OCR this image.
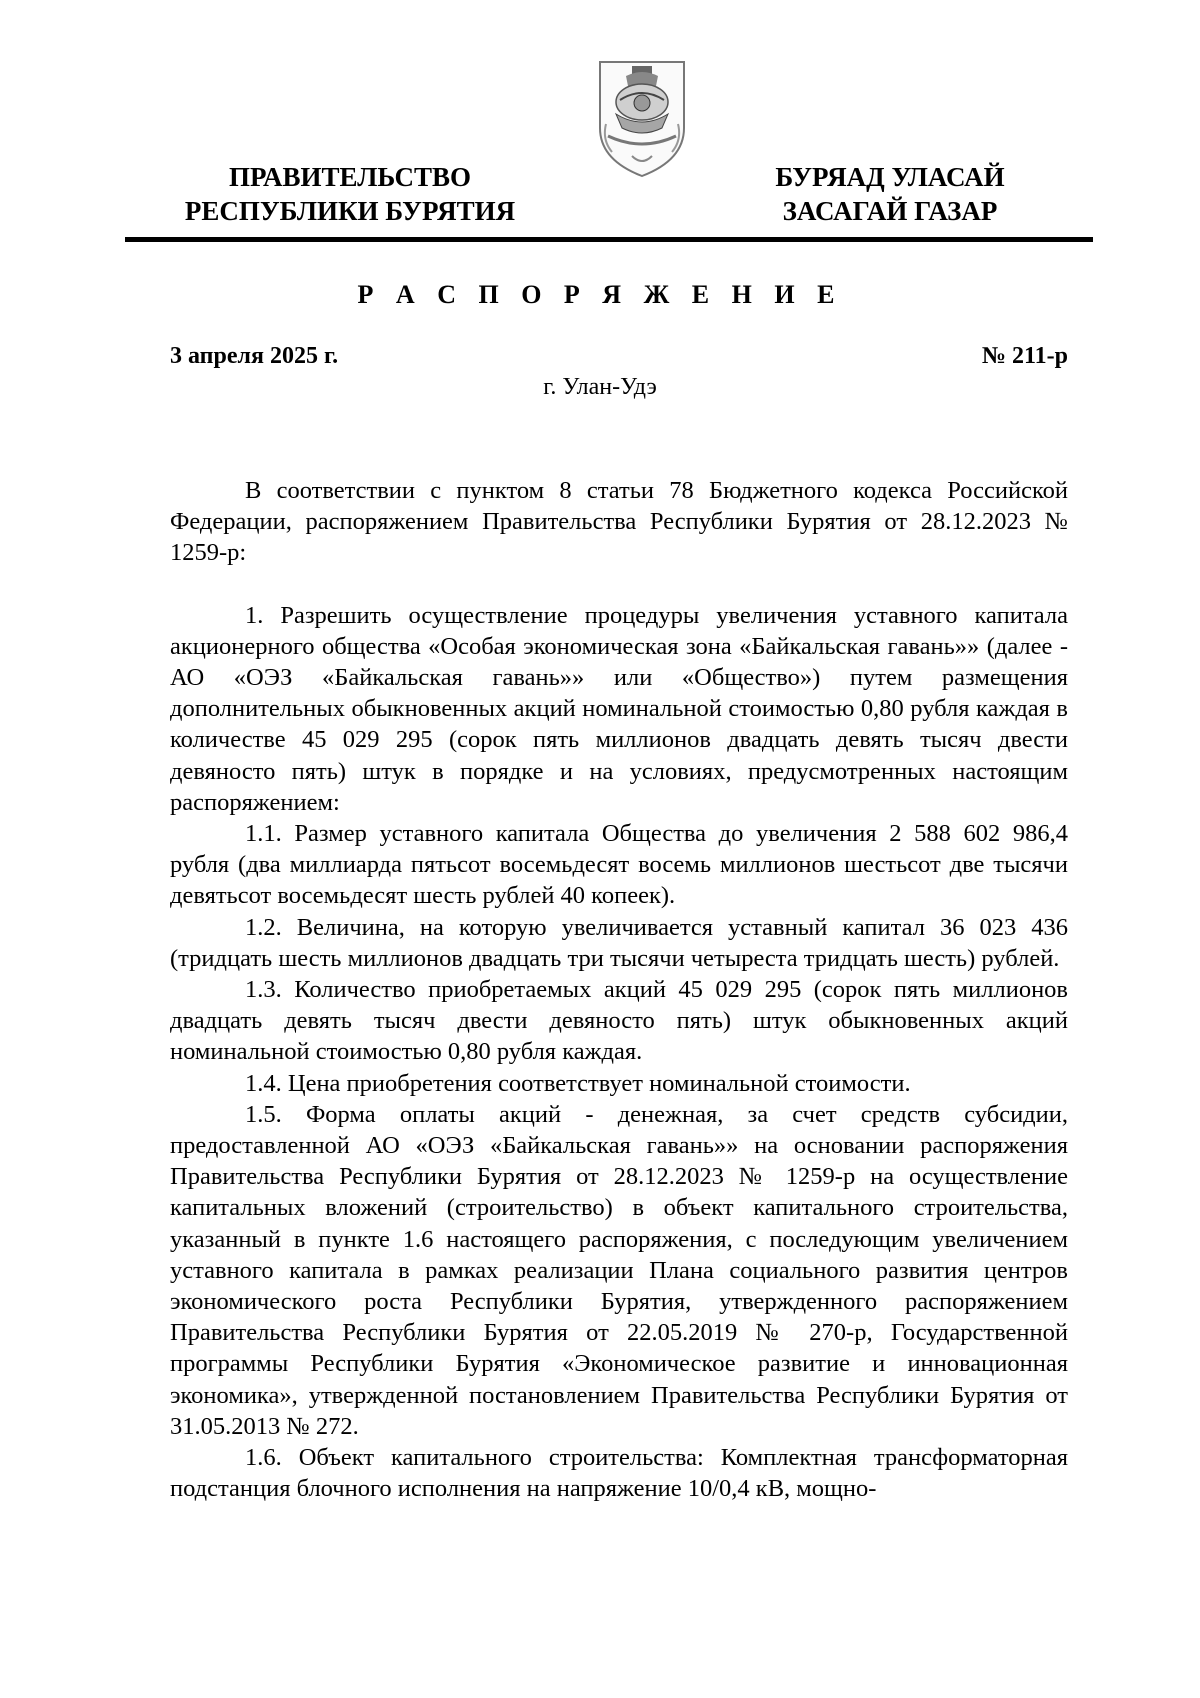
ПРАВИТЕЛЬСТВО
РЕСПУБЛИКИ БУРЯТИЯ
БУРЯАД УЛАСАЙ
ЗАСАГАЙ ГАЗАР
Р А С П О Р Я Ж Е Н И Е
3 апреля 2025 г.	№ 211-р
г. Улан-Удэ

В соответствии с пунктом 8 статьи 78 Бюджетного кодекса Российской Федерации, распоряжением Правительства Республики Бурятия от 28.12.2023 № 1259-р:

1. Разрешить осуществление процедуры увеличения уставного капитала акционерного общества «Особая экономическая зона «Байкальская гавань»» (далее - АО «ОЭЗ «Байкальская гавань»» или «Общество») путем размещения дополнительных обыкновенных акций номинальной стоимостью 0,80 рубля каждая в количестве 45 029 295 (сорок пять миллионов двадцать девять тысяч двести девяносто пять) штук в порядке и на условиях, предусмотренных настоящим распоряжением:

1.1. Размер уставного капитала Общества до увеличения 2 588 602 986,4 рубля (два миллиарда пятьсот восемьдесят восемь миллионов шестьсот две тысячи девятьсот восемьдесят шесть рублей 40 копеек).

1.2. Величина, на которую увеличивается уставный капитал 36 023 436 (тридцать шесть миллионов двадцать три тысячи четыреста тридцать шесть) рублей.

1.3. Количество приобретаемых акций 45 029 295 (сорок пять миллионов двадцать девять тысяч двести девяносто пять) штук обыкновенных акций номинальной стоимостью 0,80 рубля каждая.

1.4. Цена приобретения соответствует номинальной стоимости.

1.5. Форма оплаты акций - денежная, за счет средств субсидии, предоставленной АО «ОЭЗ «Байкальская гавань»» на основании распоряжения Правительства Республики Бурятия от 28.12.2023 № 1259-р на осуществление капитальных вложений (строительство) в объект капитального строительства, указанный в пункте 1.6 настоящего распоряжения, с последующим увеличением уставного капитала в рамках реализации Плана социального развития центров экономического роста Республики Бурятия, утвержденного распоряжением Правительства Республики Бурятия от 22.05.2019 № 270-р, Государственной программы Республики Бурятия «Экономическое развитие и инновационная экономика», утвержденной постановлением Правительства Республики Бурятия от 31.05.2013 № 272.

1.6. Объект капитального строительства: Комплектная трансформаторная подстанция блочного исполнения на напряжение 10/0,4 кВ, мощно-
